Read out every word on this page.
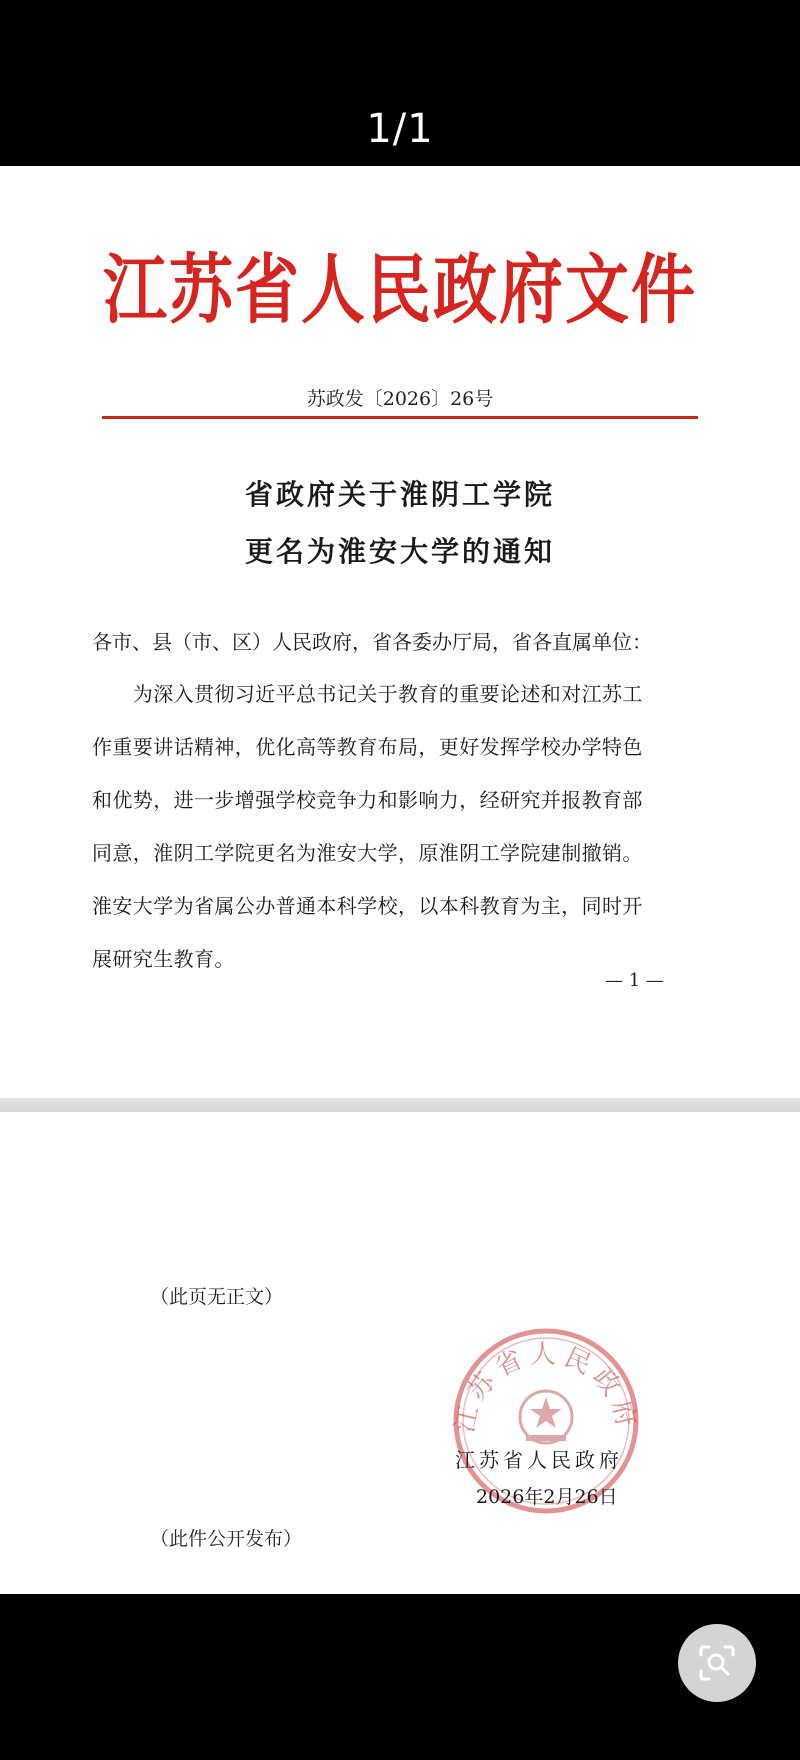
1/1
江苏省人民政府文件
苏政发〔2026〕26号
省政府关于淮阴工学院
更名为淮安大学的通知
各市、县（市、区）人民政府，省各委办厅局，省各直属单位：
　　为深入贯彻习近平总书记关于教育的重要论述和对江苏工
作重要讲话精神，优化高等教育布局，更好发挥学校办学特色
和优势，进一步增强学校竞争力和影响力，经研究并报教育部
同意，淮阴工学院更名为淮安大学，原淮阴工学院建制撤销。
淮安大学为省属公办普通本科学校，以本科教育为主，同时开
展研究生教育。
— 1 —
（此页无正文）
江苏省人民政府
江苏省人民政府
2026年2月26日
（此件公开发布）
